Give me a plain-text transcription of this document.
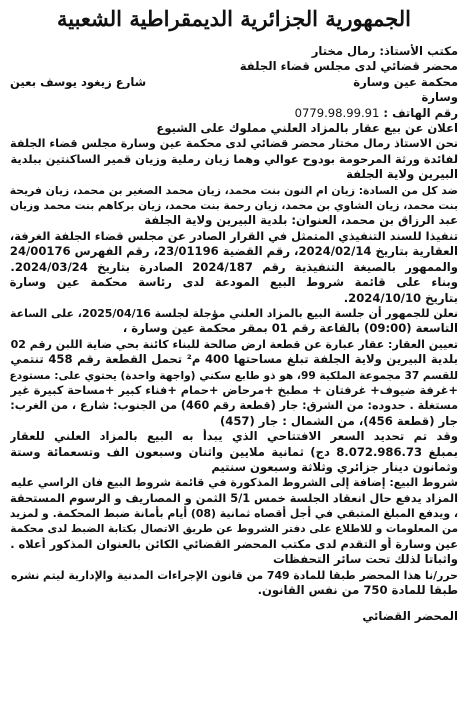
الجمهورية الجزائرية الديمقراطية الشعبية
مكتب الأستاذ: رمال مختار
محضر قضائي لدى مجلس قضاء الجلفة
محكمة عين وسارة
شارع زيغود يوسف بعين
وسارة
رقم الهاتف : 0779.98.99.91
اعلان عن بيع عقار بالمزاد العلني مملوك على الشيوع
نحن الاستاذ رمال مختار محضر قضائي لدى محكمة عين وسارة مجلس قضاء الجلفة
لفائدة ورثة المرحومة بودوح عوالي وهما زيان رملية وزيان قمير الساكنتين ببلدية
البيرين ولاية الجلفة
ضد كل من السادة: زيان ام النون بنت محمد، زيان محمد الصغير بن محمد، زيان فريحة
بنت محمد، زيان الشاوي بن محمد، زيان رحمة بنت محمد، زيان بركاهم بنت محمد وزيان
عبد الرزاق بن محمد، العنوان: بلدية البيرين ولاية الجلفة
تنفيذا للسند التنفيذي المتمثل في القرار الصادر عن مجلس قضاء الجلفة الغرفة،
العقارية بتاريخ 2024/02/14، رقم القضية 23/01196، رقم الفهرس 24/00176
والممهور بالصيغة التنفيذية رقم 2024/187 الصادرة بتاريخ 2024/03/24.
وبناء على قائمة شروط البيع المودعة لدى رئاسة محكمة عين وسارة
بتاريخ 2024/10/10.
نعلن للجمهور أن جلسة البيع بالمزاد العلني مؤجلة لجلسة 2025/04/16، على الساعة
التاسعة (09:00) بالقاعة رقم 01 بمقر محكمة عين وسارة ،
تعيين العقار: عقار عبارة عن قطعة ارض صالحة للبناء كائنة بحي ضاية اللبن رقم 02
بلدية البيرين ولاية الجلفة تبلغ مساحتها 400 م² تحمل القطعة رقم 458 تنتمي
للقسم 37 مجموعة الملكية 99، هو ذو طابع سكني (واجهة واحدة) يحتوي على: مستودع
+غرفة ضيوف+ غرفتان + مطبخ +مرحاض +حمام +فناء كبير +مساحة كبيرة غير
مستغلة . حدوده: من الشرق: جار (قطعة رقم 460) من الجنوب: شارع ، من الغرب:
جار (قطعة 456)، من الشمال : جار (457)
وقد تم تحديد السعر الافتتاحي الذي يبدأ به البيع بالمزاد العلني للعقار
بمبلغ 8.072.986.73 دج) ثمانية ملايين واثنان وسبعون الف وتسعمائة وستة
وثمانون دينار جزائري وثلاثة وسبعون سنتيم
شروط البيع: إضافة إلى الشروط المذكورة في قائمة شروط البيع فان الراسي عليه
المزاد يدفع حال انعقاد الجلسة خمس 5/1 الثمن و المصاريف و الرسوم المستحقة
، ويدفع المبلغ المتبقي في أجل أقصاه ثمانية (08) أيام بأمانة ضبط المحكمة. و لمزيد
من المعلومات و للاطلاع على دفتر الشروط عن طريق الاتصال بكتابة الضبط لدى محكمة
عين وسارة أو التقدم لدى مكتب المحضر القضائي الكائن بالعنوان المذكور أعلاه .
واثباتا لذلك تحت سائر التحفظات
حرر/نا هذا المحضر طبقا للمادة 749 من قانون الإجراءات المدنية والإدارية ليتم نشره
طبقا للمادة 750 من نفس القانون.
المحضر القضائي
